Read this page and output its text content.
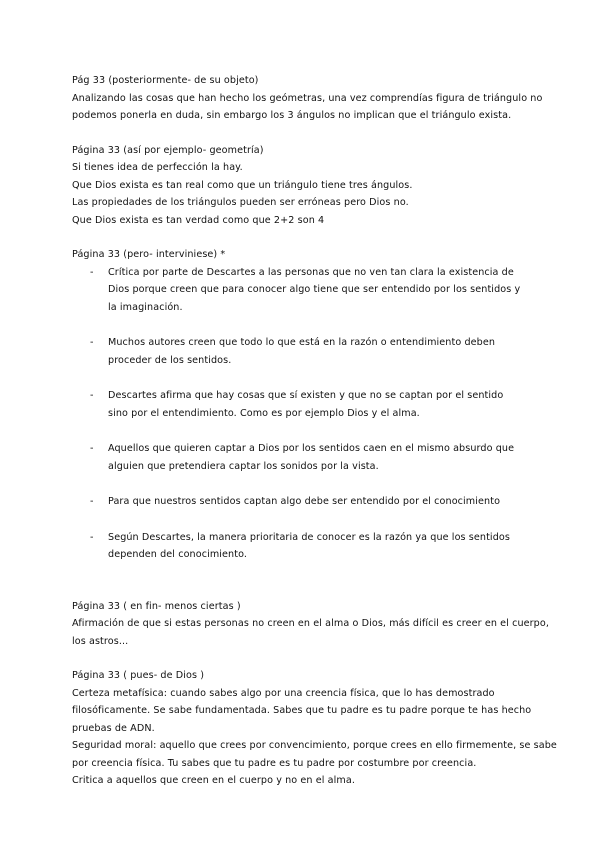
Pág 33 (posteriormente- de su objeto)
Analizando las cosas que han hecho los geómetras, una vez comprendías figura de triángulo no
podemos ponerla en duda, sin embargo los 3 ángulos no implican que el triángulo exista.
Página 33 (así por ejemplo- geometría)
Si tienes idea de perfección la hay.
Que Dios exista es tan real como que un triángulo tiene tres ángulos.
Las propiedades de los triángulos pueden ser erróneas pero Dios no.
Que Dios exista es tan verdad como que 2+2 son 4
Página 33 (pero- interviniese) *
- Crítica por parte de Descartes a las personas que no ven tan clara la existencia de Dios porque creen que para conocer algo tiene que ser entendido por los sentidos y la imaginación.
- Muchos autores creen que todo lo que está en la razón o entendimiento deben proceder de los sentidos.
- Descartes afirma que hay cosas que sí existen y que no se captan por el sentido sino por el entendimiento. Como es por ejemplo Dios y el alma.
- Aquellos que quieren captar a Dios por los sentidos caen en el mismo absurdo que alguien que pretendiera captar los sonidos por la vista.
- Para que nuestros sentidos captan algo debe ser entendido por el conocimiento
- Según Descartes, la manera prioritaria de conocer es la razón ya que los sentidos dependen del conocimiento.
Página 33 ( en fin- menos ciertas )
Afirmación de que si estas personas no creen en el alma o Dios, más difícil es creer en el cuerpo,
los astros...
Página 33 ( pues- de Dios )
Certeza metafísica: cuando sabes algo por una creencia física, que lo has demostrado
filosóficamente. Se sabe fundamentada. Sabes que tu padre es tu padre porque te has hecho
pruebas de ADN.
Seguridad moral: aquello que crees por convencimiento, porque crees en ello firmemente, se sabe
por creencia física. Tu sabes que tu padre es tu padre por costumbre por creencia.
Critica a aquellos que creen en el cuerpo y no en el alma.
